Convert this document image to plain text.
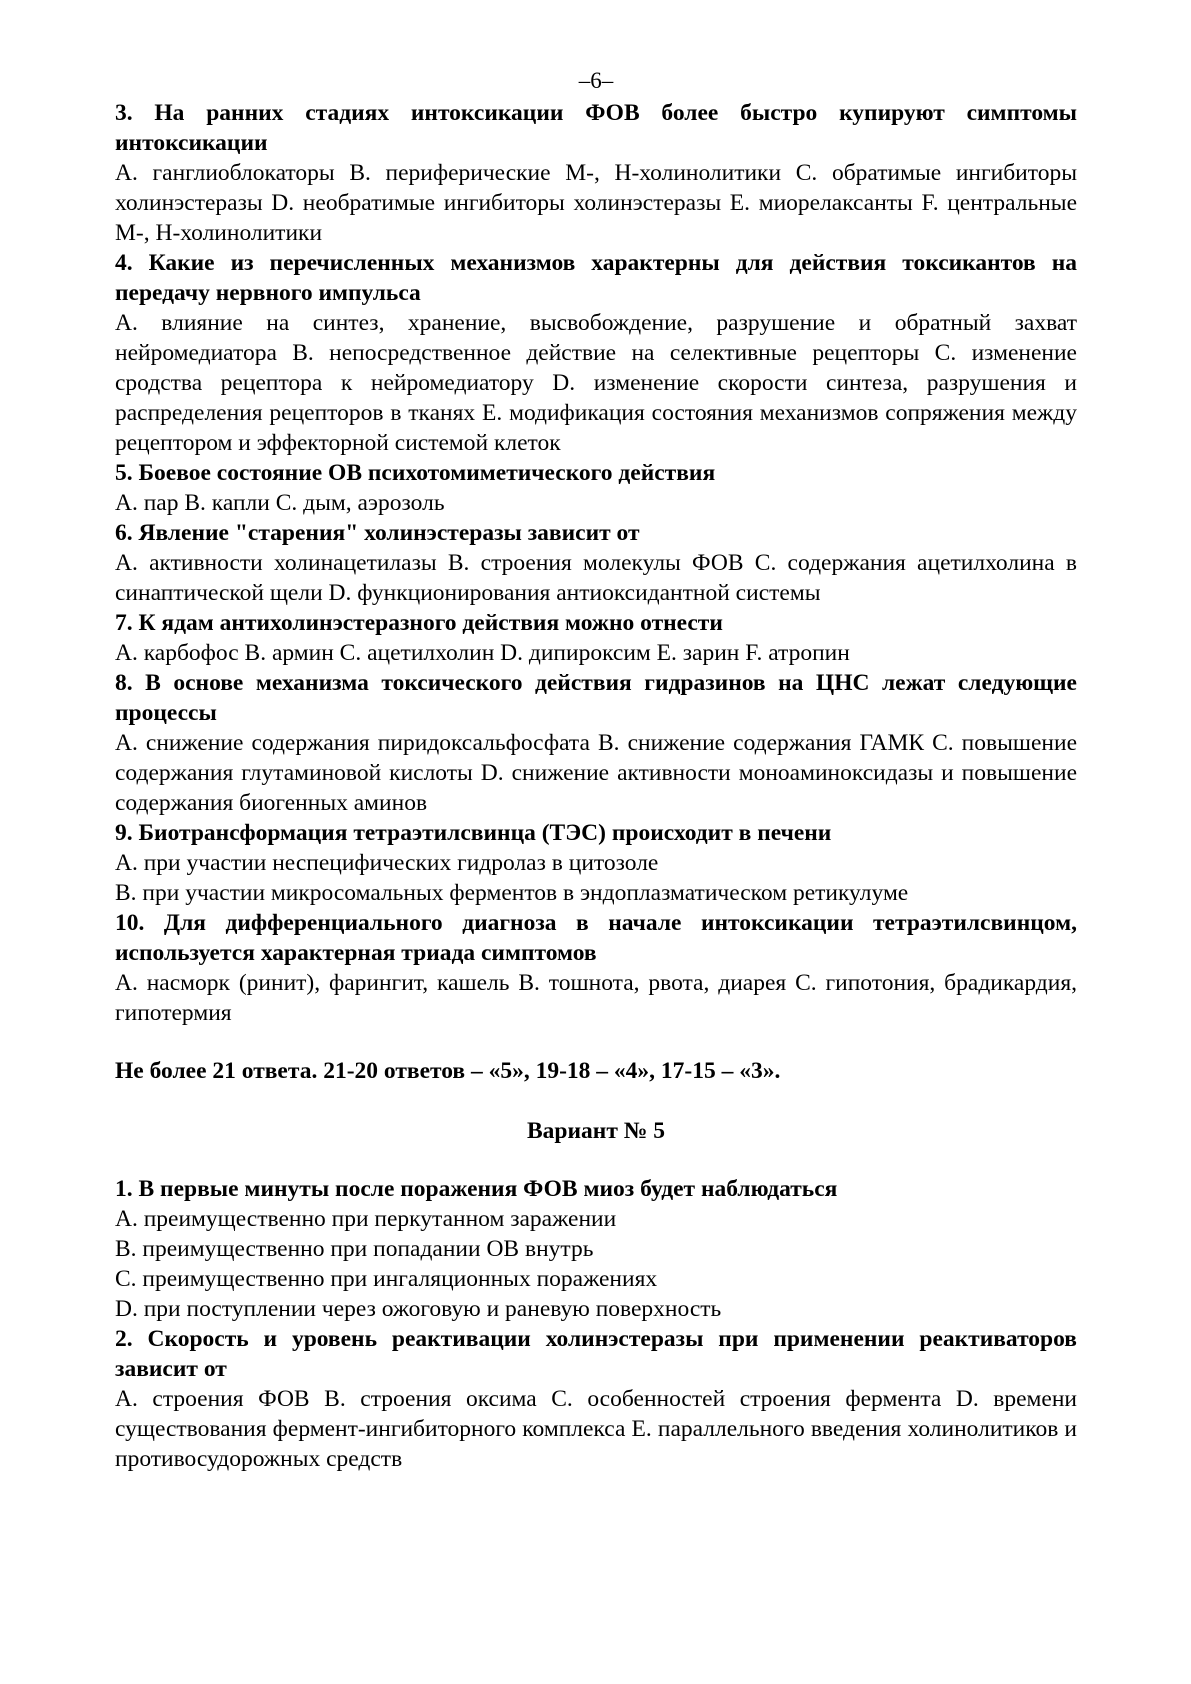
–6–
3. На ранних стадиях интоксикации ФОВ более быстро купируют симптомы интоксикации
A. ганглиоблокаторы B. периферические М-, Н-холинолитики C. обратимые ингибиторы холинэстеразы D. необратимые ингибиторы холинэстеразы E. миорелаксанты F. центральные М-, Н-холинолитики
4. Какие из перечисленных механизмов характерны для действия токсикантов на передачу нервного импульса
A. влияние на синтез, хранение, высвобождение, разрушение и обратный захват нейромедиатора B. непосредственное действие на селективные рецепторы C. изменение сродства рецептора к нейромедиатору D. изменение скорости синтеза, разрушения и распределения рецепторов в тканях E. модификация состояния механизмов сопряжения между рецептором и эффекторной системой клеток
5. Боевое состояние ОВ психотомиметического действия
A. пар B. капли C. дым, аэрозоль
6. Явление "старения" холинэстеразы зависит от
A. активности холинацетилазы B. строения молекулы ФОВ C. содержания ацетилхолина в синаптической щели D. функционирования антиоксидантной системы
7. К ядам антихолинэстеразного действия можно отнести
A. карбофос B. армин C. ацетилхолин D. дипироксим E. зарин F. атропин
8. В основе механизма токсического действия гидразинов на ЦНС лежат следующие процессы
A. снижение содержания пиридоксальфосфата B. снижение содержания ГАМК C. повышение содержания глутаминовой кислоты D. снижение активности моноаминоксидазы и повышение содержания биогенных аминов
9. Биотрансформация тетраэтилсвинца (ТЭС) происходит в печени
A. при участии неспецифических гидролаз в цитозоле
B. при участии микросомальных ферментов в эндоплазматическом ретикулуме
10. Для дифференциального диагноза в начале интоксикации тетраэтилсвинцом, используется характерная триада симптомов
A. насморк (ринит), фарингит, кашель B. тошнота, рвота, диарея C. гипотония, брадикардия, гипотермия
Не более 21 ответа. 21-20 ответов – «5», 19-18 – «4», 17-15 – «3».
Вариант № 5
1. В первые минуты после поражения ФОВ миоз будет наблюдаться
A. преимущественно при перкутанном заражении
B. преимущественно при попадании ОВ внутрь
C. преимущественно при ингаляционных поражениях
D. при поступлении через ожоговую и раневую поверхность
2. Скорость и уровень реактивации холинэстеразы при применении реактиваторов зависит от
A. строения ФОВ B. строения оксима C. особенностей строения фермента D. времени существования фермент-ингибиторного комплекса E. параллельного введения холинолитиков и противосудорожных средств
